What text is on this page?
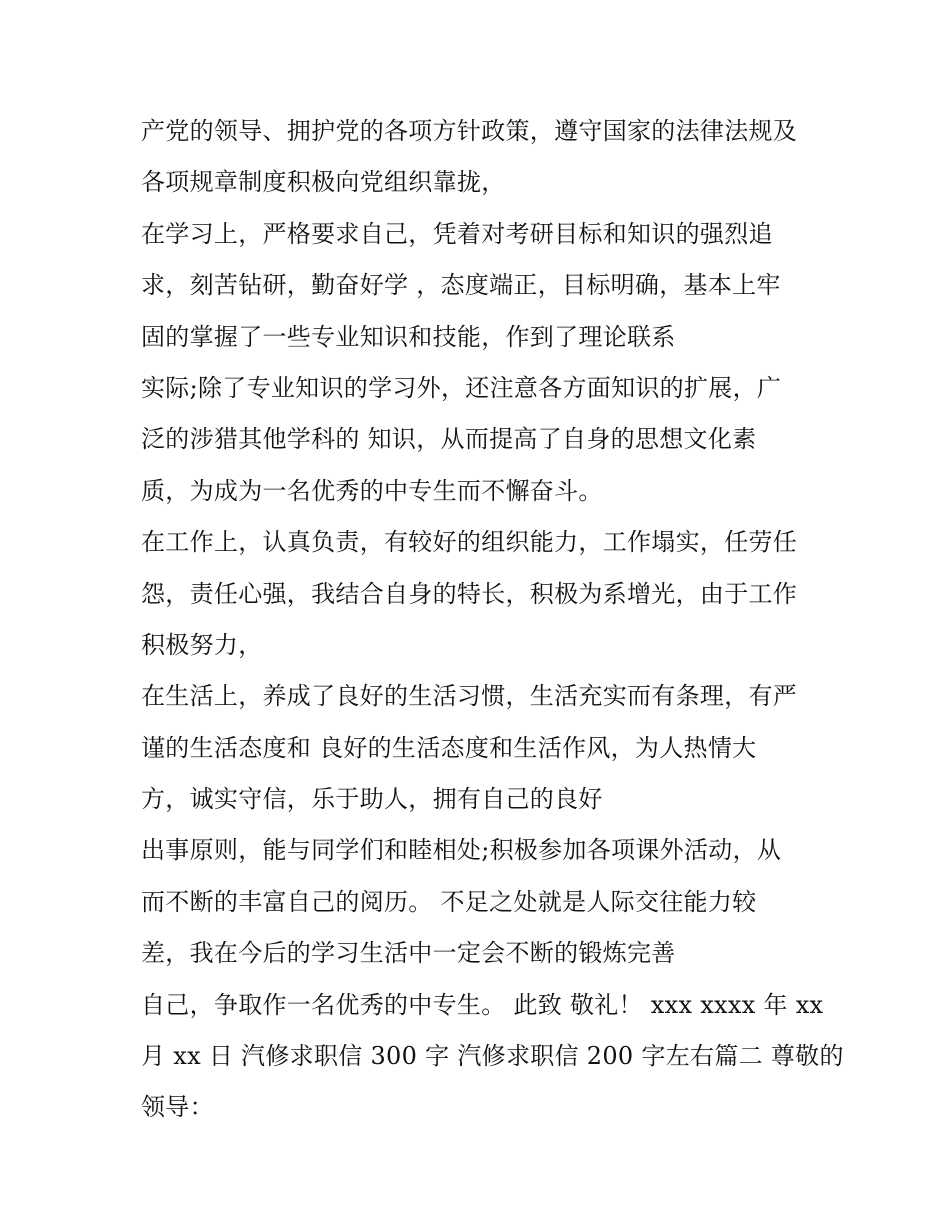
产党的领导、拥护党的各项方针政策，遵守国家的法律法规及
各项规章制度积极向党组织靠拢，
在学习上，严格要求自己，凭着对考研目标和知识的强烈追
求，刻苦钻研，勤奋好学 ，态度端正，目标明确，基本上牢
固的掌握了一些专业知识和技能，作到了理论联系
实际;除了专业知识的学习外，还注意各方面知识的扩展，广
泛的涉猎其他学科的 知识，从而提高了自身的思想文化素
质，为成为一名优秀的中专生而不懈奋斗。
在工作上，认真负责，有较好的组织能力，工作塌实，任劳任
怨，责任心强，我结合自身的特长，积极为系增光，由于工作
积极努力，
在生活上，养成了良好的生活习惯，生活充实而有条理，有严
谨的生活态度和 良好的生活态度和生活作风，为人热情大
方，诚实守信，乐于助人，拥有自己的良好
出事原则，能与同学们和睦相处;积极参加各项课外活动，从
而不断的丰富自己的阅历。 不足之处就是人际交往能力较
差，我在今后的学习生活中一定会不断的锻炼完善
自己，争取作一名优秀的中专生。 此致 敬礼！ xxx xxxx 年 xx
月 xx 日 汽修求职信 300 字 汽修求职信 200 字左右篇二 尊敬的
领导：
